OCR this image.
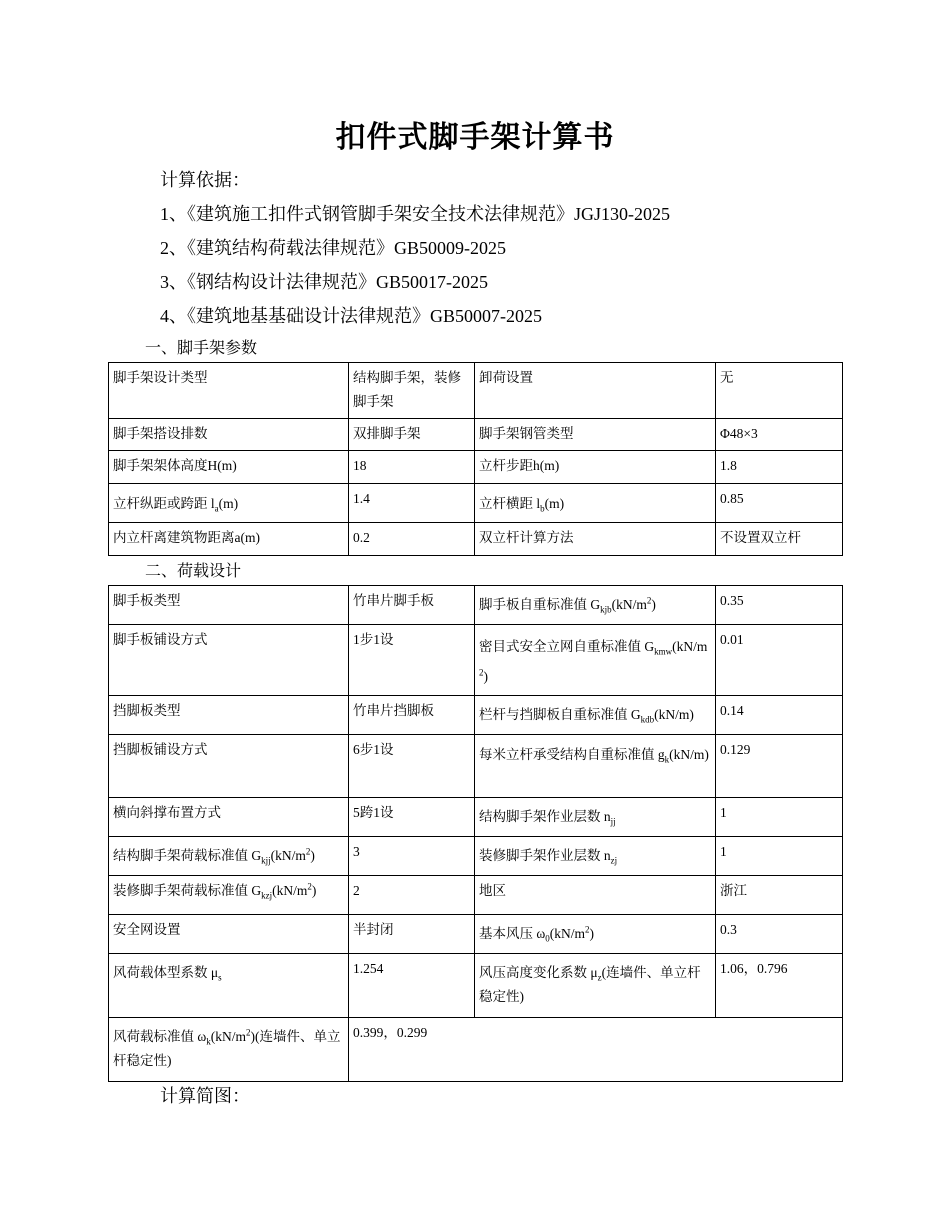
扣件式脚手架计算书
计算依据：
1、《建筑施工扣件式钢管脚手架安全技术法律规范》JGJ130-2025
2、《建筑结构荷载法律规范》GB50009-2025
3、《钢结构设计法律规范》GB50017-2025
4、《建筑地基基础设计法律规范》GB50007-2025
一、脚手架参数
脚手架设计类型	结构脚手架，装修脚手架	卸荷设置	无
脚手架搭设排数	双排脚手架	脚手架钢管类型	Φ48×3
脚手架架体高度H(m)	18	立杆步距h(m)	1.8
立杆纵距或跨距 $l_a(m)$	1.4	立杆横距 $l_b(m)$	0.85
内立杆离建筑物距离a(m)	0.2	双立杆计算方法	不设置双立杆
二、荷载设计
脚手板类型	竹串片脚手板	脚手板自重标准值 $G_{kjb}(kN/m^2)$	0.35
脚手板铺设方式	1步1设	密目式安全立网自重标准值 $G_{kmw}(kN/m^2)$	0.01
挡脚板类型	竹串片挡脚板	栏杆与挡脚板自重标准值 $G_{kdb}(kN/m)$	0.14
挡脚板铺设方式	6步1设	每米立杆承受结构自重标准值 $g_k(kN/m)$	0.129
横向斜撑布置方式	5跨1设	结构脚手架作业层数 $n_{jj}$	1
结构脚手架荷载标准值 $G_{kjj}(kN/m^2)$	3	装修脚手架作业层数 $n_{zj}$	1
装修脚手架荷载标准值 $G_{kzj}(kN/m^2)$	2	地区	浙江
安全网设置	半封闭	基本风压 $\omega_0(kN/m^2)$	0.3
风荷载体型系数 $\mu_s$	1.254	风压高度变化系数 $\mu_z$(连墙件、单立杆稳定性)	1.06，0.796
风荷载标准值 $\omega_k(kN/m^2)$(连墙件、单立杆稳定性)	0.399，0.299		
计算简图：
